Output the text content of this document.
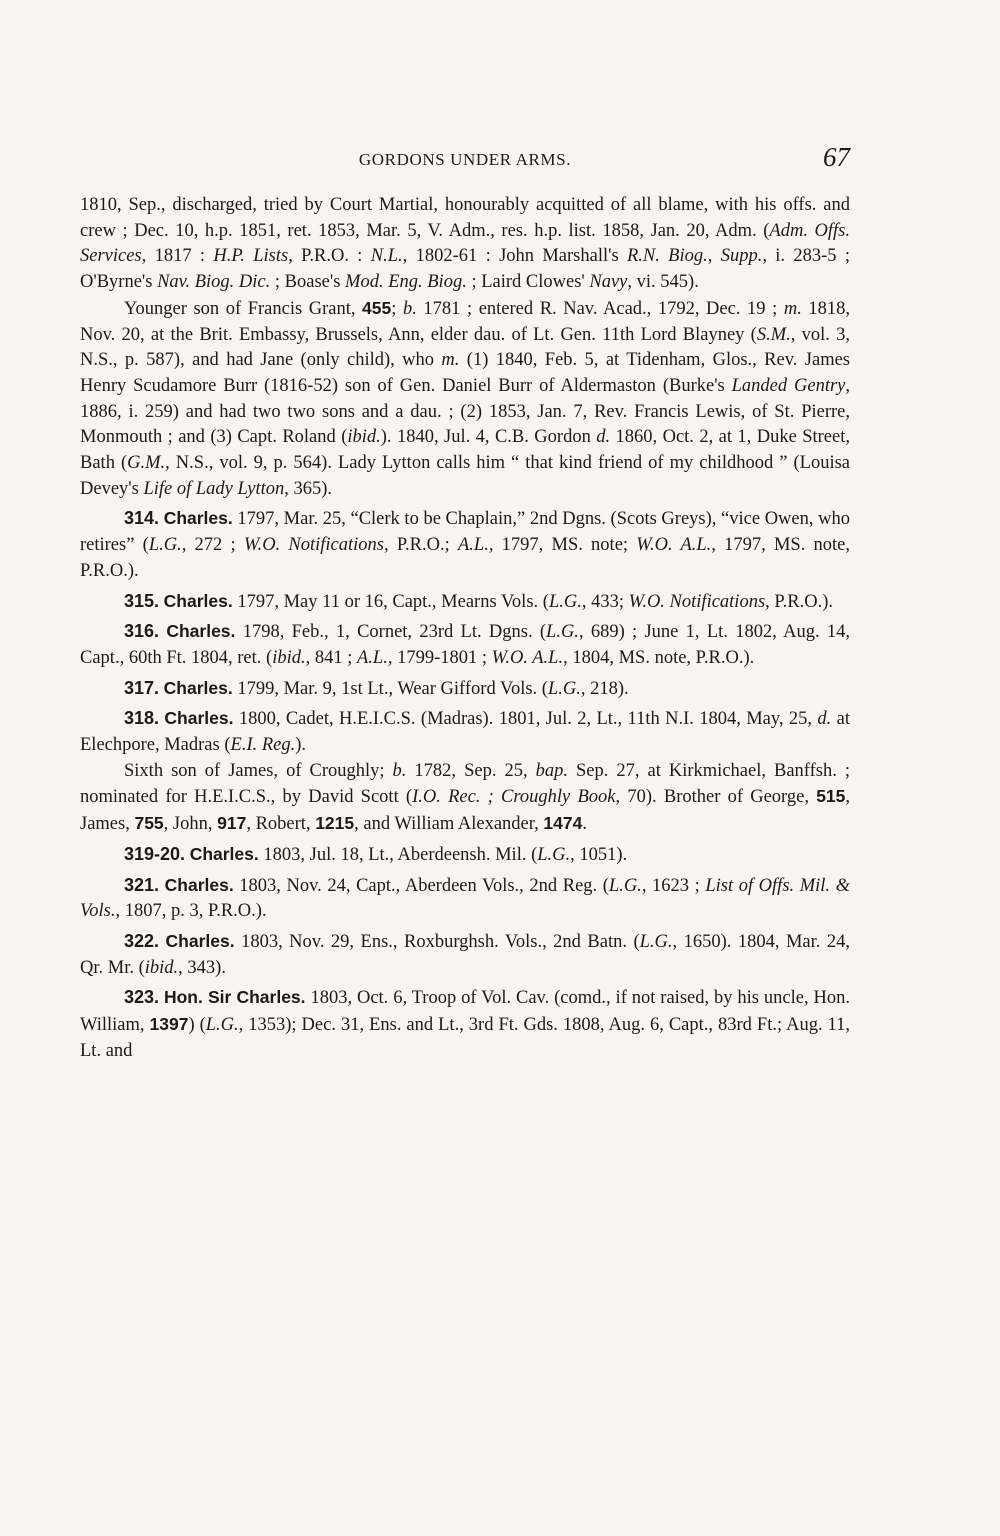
GORDONS UNDER ARMS.	67

1810, Sep., discharged, tried by Court Martial, honourably acquitted of all blame, with his offs. and crew ; Dec. 10, h.p. 1851, ret. 1853, Mar. 5, V. Adm., res. h.p. list. 1858, Jan. 20, Adm. (Adm. Offs. Services, 1817 : H.P. Lists, P.R.O. : N.L., 1802-61 : John Marshall's R.N. Biog., Supp., i. 283-5 ; O'Byrne's Nav. Biog. Dic. ; Boase's Mod. Eng. Biog. ; Laird Clowes' Navy, vi. 545).

Younger son of Francis Grant, 455; b. 1781 ; entered R. Nav. Acad., 1792, Dec. 19 ; m. 1818, Nov. 20, at the Brit. Embassy, Brussels, Ann, elder dau. of Lt. Gen. 11th Lord Blayney (S.M., vol. 3, N.S., p. 587), and had Jane (only child), who m. (1) 1840, Feb. 5, at Tidenham, Glos., Rev. James Henry Scudamore Burr (1816-52) son of Gen. Daniel Burr of Aldermaston (Burke's Landed Gentry, 1886, i. 259) and had two two sons and a dau. ; (2) 1853, Jan. 7, Rev. Francis Lewis, of St. Pierre, Monmouth ; and (3) Capt. Roland (ibid.). 1840, Jul. 4, C.B. Gordon d. 1860, Oct. 2, at 1, Duke Street, Bath (G.M., N.S., vol. 9, p. 564). Lady Lytton calls him “ that kind friend of my childhood ” (Louisa Devey's Life of Lady Lytton, 365).

314. Charles. 1797, Mar. 25, “Clerk to be Chaplain,” 2nd Dgns. (Scots Greys), “vice Owen, who retires” (L.G., 272 ; W.O. Notifications, P.R.O.; A.L., 1797, MS. note; W.O. A.L., 1797, MS. note, P.R.O.).

315. Charles. 1797, May 11 or 16, Capt., Mearns Vols. (L.G., 433; W.O. Notifications, P.R.O.).

316. Charles. 1798, Feb., 1, Cornet, 23rd Lt. Dgns. (L.G., 689) ; June 1, Lt. 1802, Aug. 14, Capt., 60th Ft. 1804, ret. (ibid., 841 ; A.L., 1799-1801 ; W.O. A.L., 1804, MS. note, P.R.O.).

317. Charles. 1799, Mar. 9, 1st Lt., Wear Gifford Vols. (L.G., 218).

318. Charles. 1800, Cadet, H.E.I.C.S. (Madras). 1801, Jul. 2, Lt., 11th N.I. 1804, May, 25, d. at Elechpore, Madras (E.I. Reg.).

Sixth son of James, of Croughly; b. 1782, Sep. 25, bap. Sep. 27, at Kirkmichael, Banffsh. ; nominated for H.E.I.C.S., by David Scott (I.O. Rec. ; Croughly Book, 70). Brother of George, 515, James, 755, John, 917, Robert, 1215, and William Alexander, 1474.

319-20. Charles. 1803, Jul. 18, Lt., Aberdeensh. Mil. (L.G., 1051).

321. Charles. 1803, Nov. 24, Capt., Aberdeen Vols., 2nd Reg. (L.G., 1623 ; List of Offs. Mil. & Vols., 1807, p. 3, P.R.O.).

322. Charles. 1803, Nov. 29, Ens., Roxburghsh. Vols., 2nd Batn. (L.G., 1650). 1804, Mar. 24, Qr. Mr. (ibid., 343).

323. Hon. Sir Charles. 1803, Oct. 6, Troop of Vol. Cav. (comd., if not raised, by his uncle, Hon. William, 1397) (L.G., 1353); Dec. 31, Ens. and Lt., 3rd Ft. Gds. 1808, Aug. 6, Capt., 83rd Ft.; Aug. 11, Lt. and
